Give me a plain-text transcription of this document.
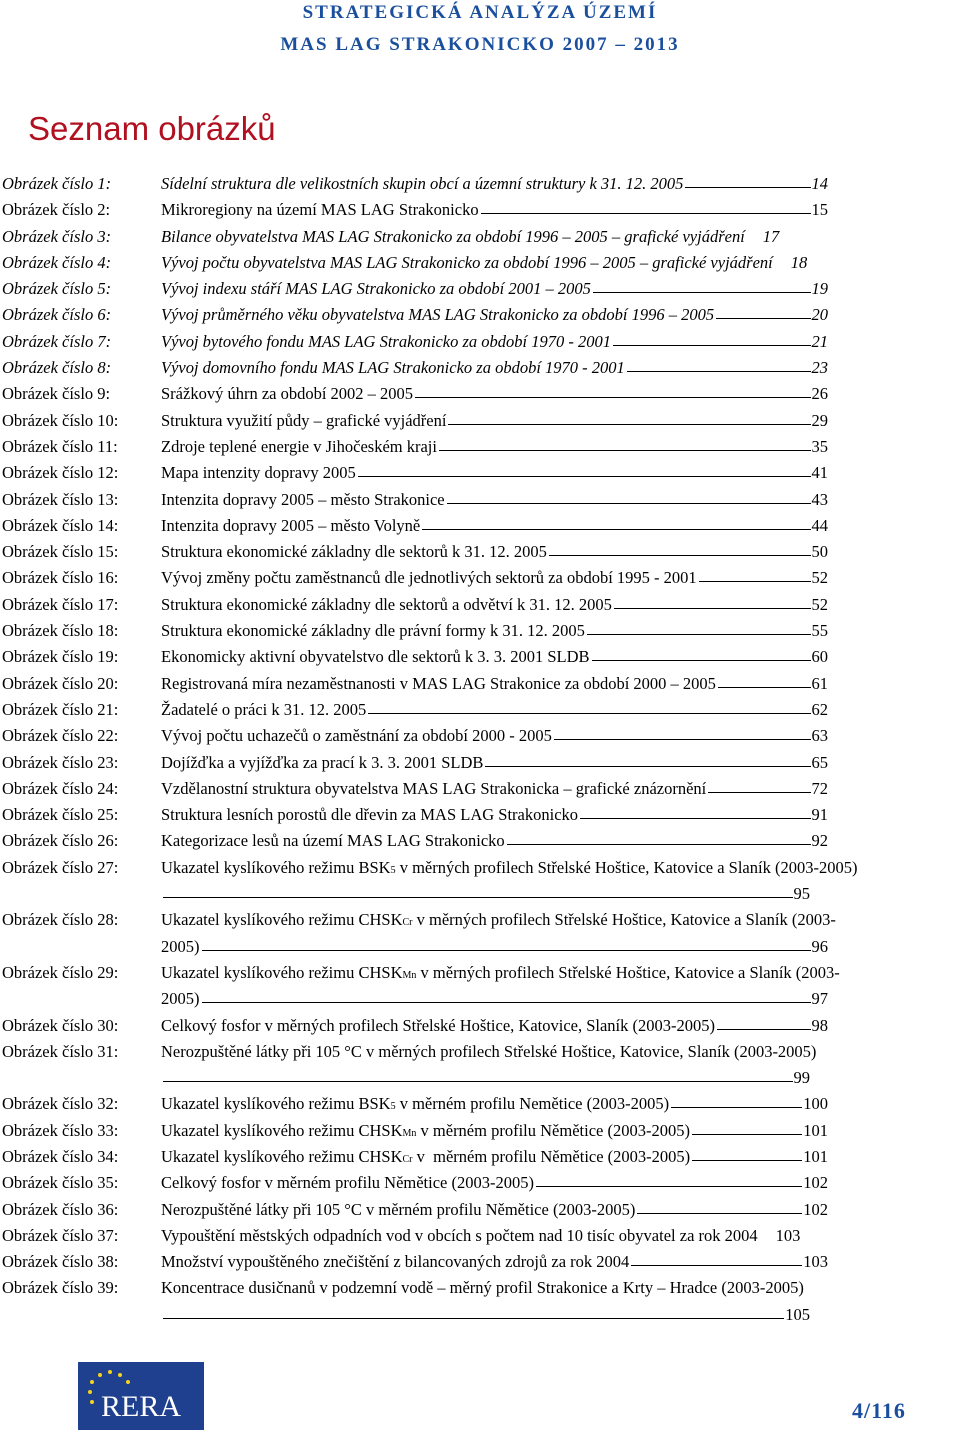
STRATEGICKÁ ANALÝZA ÚZEMÍ
MAS LAG STRAKONICKO 2007 – 2013
Seznam obrázků
Obrázek číslo 1:	Sídelní struktura dle velikostních skupin obcí a územní struktury k 31. 12. 2005	14
Obrázek číslo 2:	Mikroregiony na území MAS LAG Strakonicko	15
Obrázek číslo 3:	Bilance obyvatelstva MAS LAG Strakonicko za období 1996 – 2005 – grafické vyjádření 17
Obrázek číslo 4:	Vývoj počtu obyvatelstva MAS LAG Strakonicko za období 1996 – 2005 – grafické vyjádření 18
Obrázek číslo 5:	Vývoj indexu stáří MAS LAG Strakonicko za období 2001 – 2005	19
Obrázek číslo 6:	Vývoj průměrného věku obyvatelstva MAS LAG Strakonicko za období 1996 – 2005	20
Obrázek číslo 7:	Vývoj bytového fondu MAS LAG Strakonicko za období 1970 - 2001	21
Obrázek číslo 8:	Vývoj domovního fondu MAS LAG Strakonicko za období 1970 - 2001	23
Obrázek číslo 9:	Srážkový úhrn za období 2002 – 2005	26
Obrázek číslo 10:	Struktura využití půdy – grafické vyjádření	29
Obrázek číslo 11:	Zdroje teplené energie v Jihočeském kraji	35
Obrázek číslo 12:	Mapa intenzity dopravy 2005	41
Obrázek číslo 13:	Intenzita dopravy 2005 – město Strakonice	43
Obrázek číslo 14:	Intenzita dopravy 2005 – město Volyně	44
Obrázek číslo 15:	Struktura ekonomické základny dle sektorů k 31. 12. 2005	50
Obrázek číslo 16:	Vývoj změny počtu zaměstnanců dle jednotlivých sektorů za období 1995 - 2001	52
Obrázek číslo 17:	Struktura ekonomické základny dle sektorů a odvětví k 31. 12. 2005	52
Obrázek číslo 18:	Struktura ekonomické základny dle právní formy k 31. 12. 2005	55
Obrázek číslo 19:	Ekonomicky aktivní obyvatelstvo dle sektorů k 3. 3. 2001 SLDB	60
Obrázek číslo 20:	Registrovaná míra nezaměstnanosti v MAS LAG Strakonice za období 2000 – 2005	61
Obrázek číslo 21:	Žadatelé o práci k 31. 12. 2005	62
Obrázek číslo 22:	Vývoj počtu uchazečů o zaměstnání za období 2000 - 2005	63
Obrázek číslo 23:	Dojížďka a vyjížďka za prací k 3. 3. 2001 SLDB	65
Obrázek číslo 24:	Vzdělanostní struktura obyvatelstva MAS LAG Strakonicka – grafické znázornění	72
Obrázek číslo 25:	Struktura lesních porostů dle dřevin za MAS LAG Strakonicko	91
Obrázek číslo 26:	Kategorizace lesů na území MAS LAG Strakonicko	92
Obrázek číslo 27:	Ukazatel kyslíkového režimu BSK 5 v měrných profilech Střelské Hoštice, Katovice a Slaník (2003-2005)
95
Obrázek číslo 28:	Ukazatel kyslíkového režimu CHSK Cr v měrných profilech Střelské Hoštice, Katovice a Slaník (2003-
2005)	96
Obrázek číslo 29:	Ukazatel kyslíkového režimu CHSK Mn v měrných profilech Střelské Hoštice, Katovice a Slaník (2003-
2005)	97
Obrázek číslo 30:	Celkový fosfor v měrných profilech Střelské Hoštice, Katovice, Slaník (2003-2005)	98
Obrázek číslo 31:	Nerozpuštěné látky při 105 °C v měrných profilech Střelské Hoštice, Katovice, Slaník (2003-2005)
99
Obrázek číslo 32:	Ukazatel kyslíkového režimu BSK 5 v měrném profilu Nemětice (2003-2005)	100
Obrázek číslo 33:	Ukazatel kyslíkového režimu CHSK Mn v měrném profilu Němětice (2003-2005)	101
Obrázek číslo 34:	Ukazatel kyslíkového režimu CHSK Cr v  měrném profilu Němětice (2003-2005)	101
Obrázek číslo 35:	Celkový fosfor v měrném profilu Němětice (2003-2005)	102
Obrázek číslo 36:	Nerozpuštěné látky při 105 °C v měrném profilu Němětice (2003-2005)	102
Obrázek číslo 37:	Vypouštění městských odpadních vod v obcích s počtem nad 10 tisíc obyvatel za rok 2004 103
Obrázek číslo 38:	Množství vypouštěného znečištění z bilancovaných zdrojů za rok 2004	103
Obrázek číslo 39:	Koncentrace dusičnanů v podzemní vodě – měrný profil Strakonice a Krty – Hradce (2003-2005)
105
RERA	4/116
